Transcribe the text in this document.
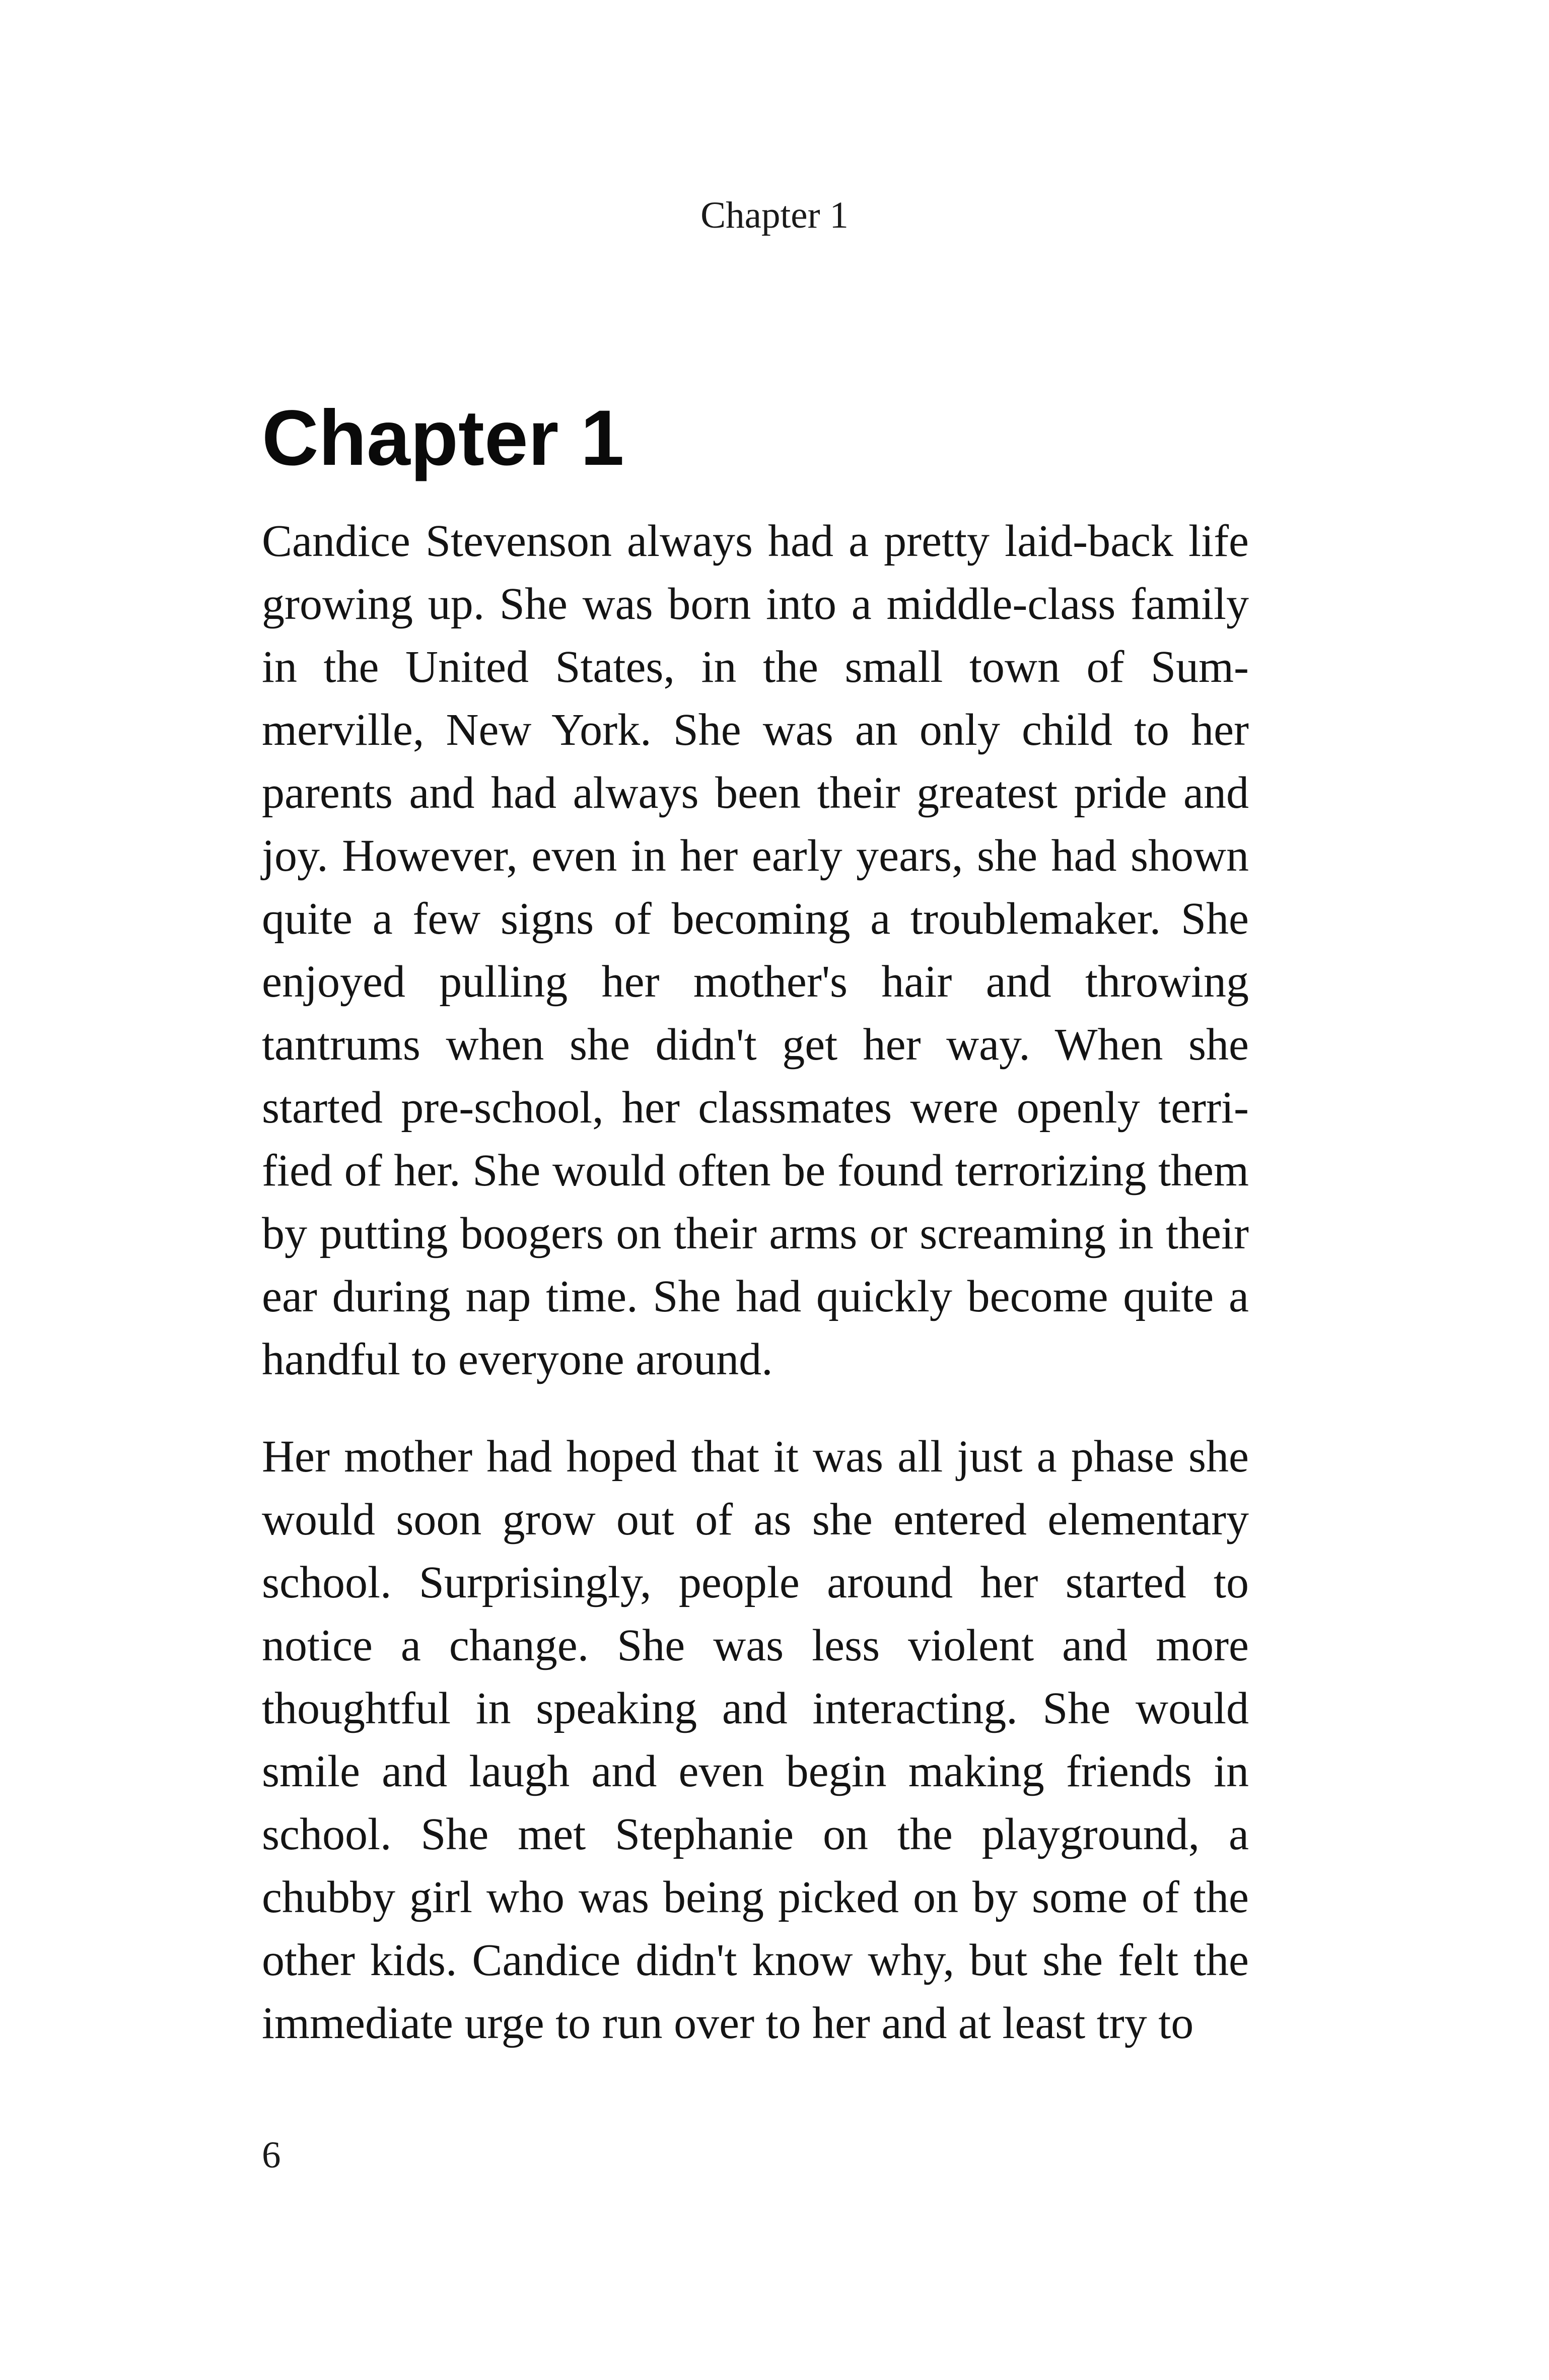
Chapter 1
Chapter 1

Candice Stevenson always had a pretty laid-back life growing up. She was born into a middle-class family in the United States, in the small town of Summerville, New York. She was an only child to her parents and had always been their greatest pride and joy. However, even in her early years, she had shown quite a few signs of becoming a troublemaker. She enjoyed pulling her mother's hair and throwing tantrums when she didn't get her way. When she started pre-school, her classmates were openly terrified of her. She would often be found terrorizing them by putting boogers on their arms or screaming in their ear during nap time. She had quickly become quite a handful to everyone around.

Her mother had hoped that it was all just a phase she would soon grow out of as she entered elementary school. Surprisingly, people around her started to notice a change. She was less violent and more thoughtful in speaking and interacting. She would smile and laugh and even begin making friends in school. She met Stephanie on the playground, a chubby girl who was being picked on by some of the other kids. Candice didn't know why, but she felt the immediate urge to run over to her and at least try to

6
